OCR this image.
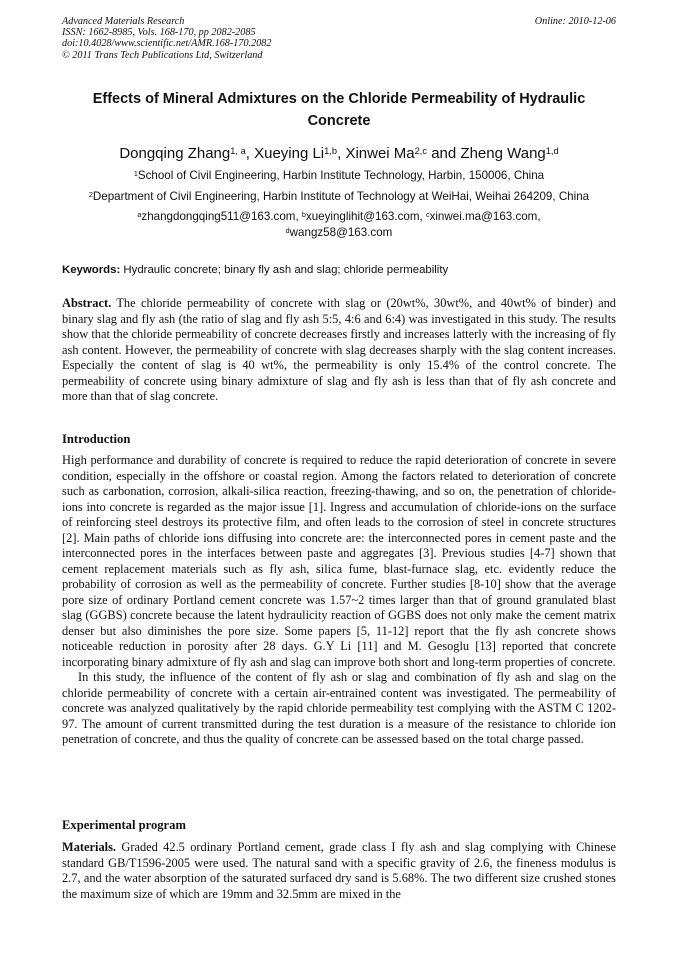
Advanced Materials Research
ISSN: 1662-8985, Vols. 168-170, pp 2082-2085
doi:10.4028/www.scientific.net/AMR.168-170.2082
© 2011 Trans Tech Publications Ltd, Switzerland
Online: 2010-12-06
Effects of Mineral Admixtures on the Chloride Permeability of Hydraulic Concrete
Dongqing Zhang$^{1, a}$, Xueying Li$^{1,b}$, Xinwei Ma$^{2,c}$ and Zheng Wang$^{1,d}$
$^1$School of Civil Engineering, Harbin Institute Technology, Harbin, 150006, China
$^2$Department of Civil Engineering, Harbin Institute of Technology at WeiHai, Weihai 264209, China
$^a$zhangdongqing511@163.com, $^b$xueyinglihit@163.com, $^c$xinwei.ma@163.com,
$^d$wangz58@163.com
Keywords: Hydraulic concrete; binary fly ash and slag; chloride permeability

Abstract. The chloride permeability of concrete with slag or (20wt%, 30wt%, and 40wt% of binder) and binary slag and fly ash (the ratio of slag and fly ash 5:5, 4:6 and 6:4) was investigated in this study. The results show that the chloride permeability of concrete decreases firstly and increases latterly with the increasing of fly ash content. However, the permeability of concrete with slag decreases sharply with the slag content increases. Especially the content of slag is 40 wt%, the permeability is only 15.4% of the control concrete. The permeability of concrete using binary admixture of slag and fly ash is less than that of fly ash concrete and more than that of slag concrete.

Introduction

High performance and durability of concrete is required to reduce the rapid deterioration of concrete in severe condition, especially in the offshore or coastal region. Among the factors related to deterioration of concrete such as carbonation, corrosion, alkali-silica reaction, freezing-thawing, and so on, the penetration of chloride-ions into concrete is regarded as the major issue [1]. Ingress and accumulation of chloride-ions on the surface of reinforcing steel destroys its protective film, and often leads to the corrosion of steel in concrete structures [2]. Main paths of chloride ions diffusing into concrete are: the interconnected pores in cement paste and the interconnected pores in the interfaces between paste and aggregates [3]. Previous studies [4-7] shown that cement replacement materials such as fly ash, silica fume, blast-furnace slag, etc. evidently reduce the probability of corrosion as well as the permeability of concrete. Further studies [8-10] show that the average pore size of ordinary Portland cement concrete was 1.57~2 times larger than that of ground granulated blast slag (GGBS) concrete because the latent hydraulicity reaction of GGBS does not only make the cement matrix denser but also diminishes the pore size. Some papers [5, 11-12] report that the fly ash concrete shows noticeable reduction in porosity after 28 days. G.Y Li [11] and M. Gesoglu [13] reported that concrete incorporating binary admixture of fly ash and slag can improve both short and long-term properties of concrete.

In this study, the influence of the content of fly ash or slag and combination of fly ash and slag on the chloride permeability of concrete with a certain air-entrained content was investigated. The permeability of concrete was analyzed qualitatively by the rapid chloride permeability test complying with the ASTM C 1202-97. The amount of current transmitted during the test duration is a measure of the resistance to chloride ion penetration of concrete, and thus the quality of concrete can be assessed based on the total charge passed.

Experimental program

Materials. Graded 42.5 ordinary Portland cement, grade class I fly ash and slag complying with Chinese standard GB/T1596-2005 were used. The natural sand with a specific gravity of 2.6, the fineness modulus is 2.7, and the water absorption of the saturated surfaced dry sand is 5.68%. The two different size crushed stones the maximum size of which are 19mm and 32.5mm are mixed in the
